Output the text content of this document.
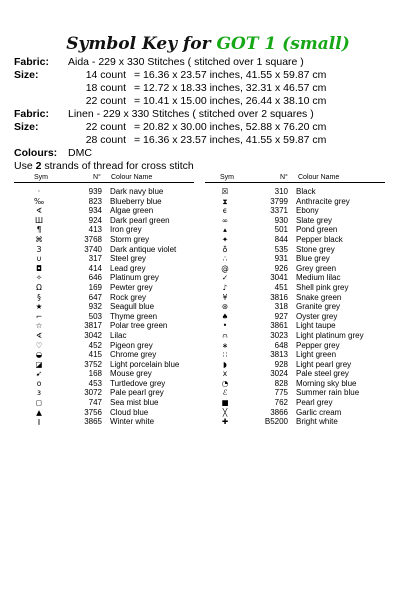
Symbol Key for GOT 1 (small)
Fabric: Aida - 229 x 330 Stitches ( stitched over 1 square )
Size:	14 count = 16.36 x 23.57 inches, 41.55 x 59.87 cm
18 count = 12.72 x 18.33 inches, 32.31 x 46.57 cm
22 count = 10.41 x 15.00 inches, 26.44 x 38.10 cm
Fabric: Linen - 229 x 330 Stitches ( stitched over 2 squares )
Size:	22 count = 20.82 x 30.00 inches, 52.88 x 76.20 cm
28 count = 16.36 x 23.57 inches, 41.55 x 59.87 cm
Colours: DMC
Use 2 strands of thread for cross stitch
Sym	N° Colour Name	Sym	N° Colour Name
·	939 Dark navy blue
‰	823 Blueberry blue
∢	934 Algae green
Ш	924 Dark pearl green
¶	413 Iron grey
⌘	3768 Storm grey
З	3740 Dark antique violet
∪	317 Steel grey
◘	414 Lead grey
✧	646 Platinum grey
Ω	169 Pewter grey
§	647 Rock grey
★	932 Seagull blue
⌐	503 Thyme green
☆	3817 Polar tree green
∢	3042 Lilac
♡	452 Pigeon grey
◒	415 Chrome grey
◪	3752 Light porcelain blue
➹	168 Mouse grey
o	453 Turtledove grey
з	3072 Pale pearl grey
◻	747 Sea mist blue
▲	3756 Cloud blue
⫾	3865 Winter white
☒	310 Black
⧗	3799 Anthracite grey
ϵ	3371 Ebony
∞	930 Slate grey
▴	501 Pond green
✦	844 Pepper black
♁	535 Stone grey
∴	931 Blue grey
@	926 Grey green
✓	3041 Medium lilac
♪	451 Shell pink grey
¥	3816 Snake green
⊛	318 Granite grey
♠	927 Oyster grey
•	3861 Light taupe
⩀	3023 Light platinum grey
∗	648 Pepper grey
∷	3813 Light green
◗	928 Light pearl grey
x	3024 Pale steel grey
◔	828 Morning sky blue
ℰ	775 Summer rain blue
■	762 Pearl grey
╳	3866 Garlic cream
✚	B5200 Bright white
